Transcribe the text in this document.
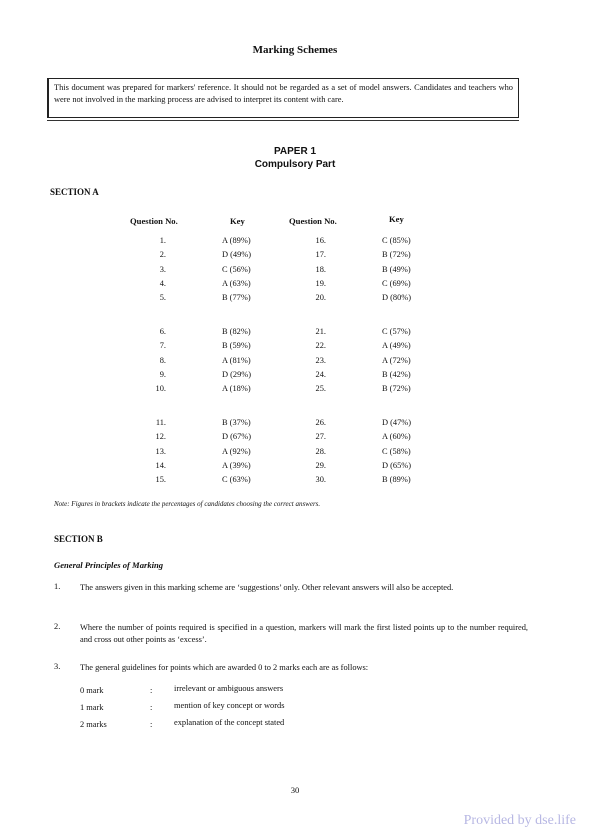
Marking Schemes
This document was prepared for markers' reference. It should not be regarded as a set of model answers. Candidates and teachers who were not involved in the marking process are advised to interpret its content with care.
PAPER 1
Compulsory Part
SECTION A
Question No.	Key	Question No.	Key
1.	A (89%)	16.	C (85%)
2.	D (49%)	17.	B (72%)
3.	C (56%)	18.	B (49%)
4.	A (63%)	19.	C (69%)
5.	B (77%)	20.	D (80%)
6.	B (82%)	21.	C (57%)
7.	B (59%)	22.	A (49%)
8.	A (81%)	23.	A (72%)
9.	D (29%)	24.	B (42%)
10.	A (18%)	25.	B (72%)
11.	B (37%)	26.	D (47%)
12.	D (67%)	27.	A (60%)
13.	A (92%)	28.	C (58%)
14.	A (39%)	29.	D (65%)
15.	C (63%)	30.	B (89%)
Note: Figures in brackets indicate the percentages of candidates choosing the correct answers.
SECTION B
General Principles of Marking
1. The answers given in this marking scheme are ‘suggestions’ only. Other relevant answers will also be accepted.
2. Where the number of points required is specified in a question, markers will mark the first listed points up to the number required, and cross out other points as ‘excess’.
3. The general guidelines for points which are awarded 0 to 2 marks each are as follows:
0 mark	:	irrelevant or ambiguous answers
1 mark	:	mention of key concept or words
2 marks	:	explanation of the concept stated
30
Provided by dse.life
